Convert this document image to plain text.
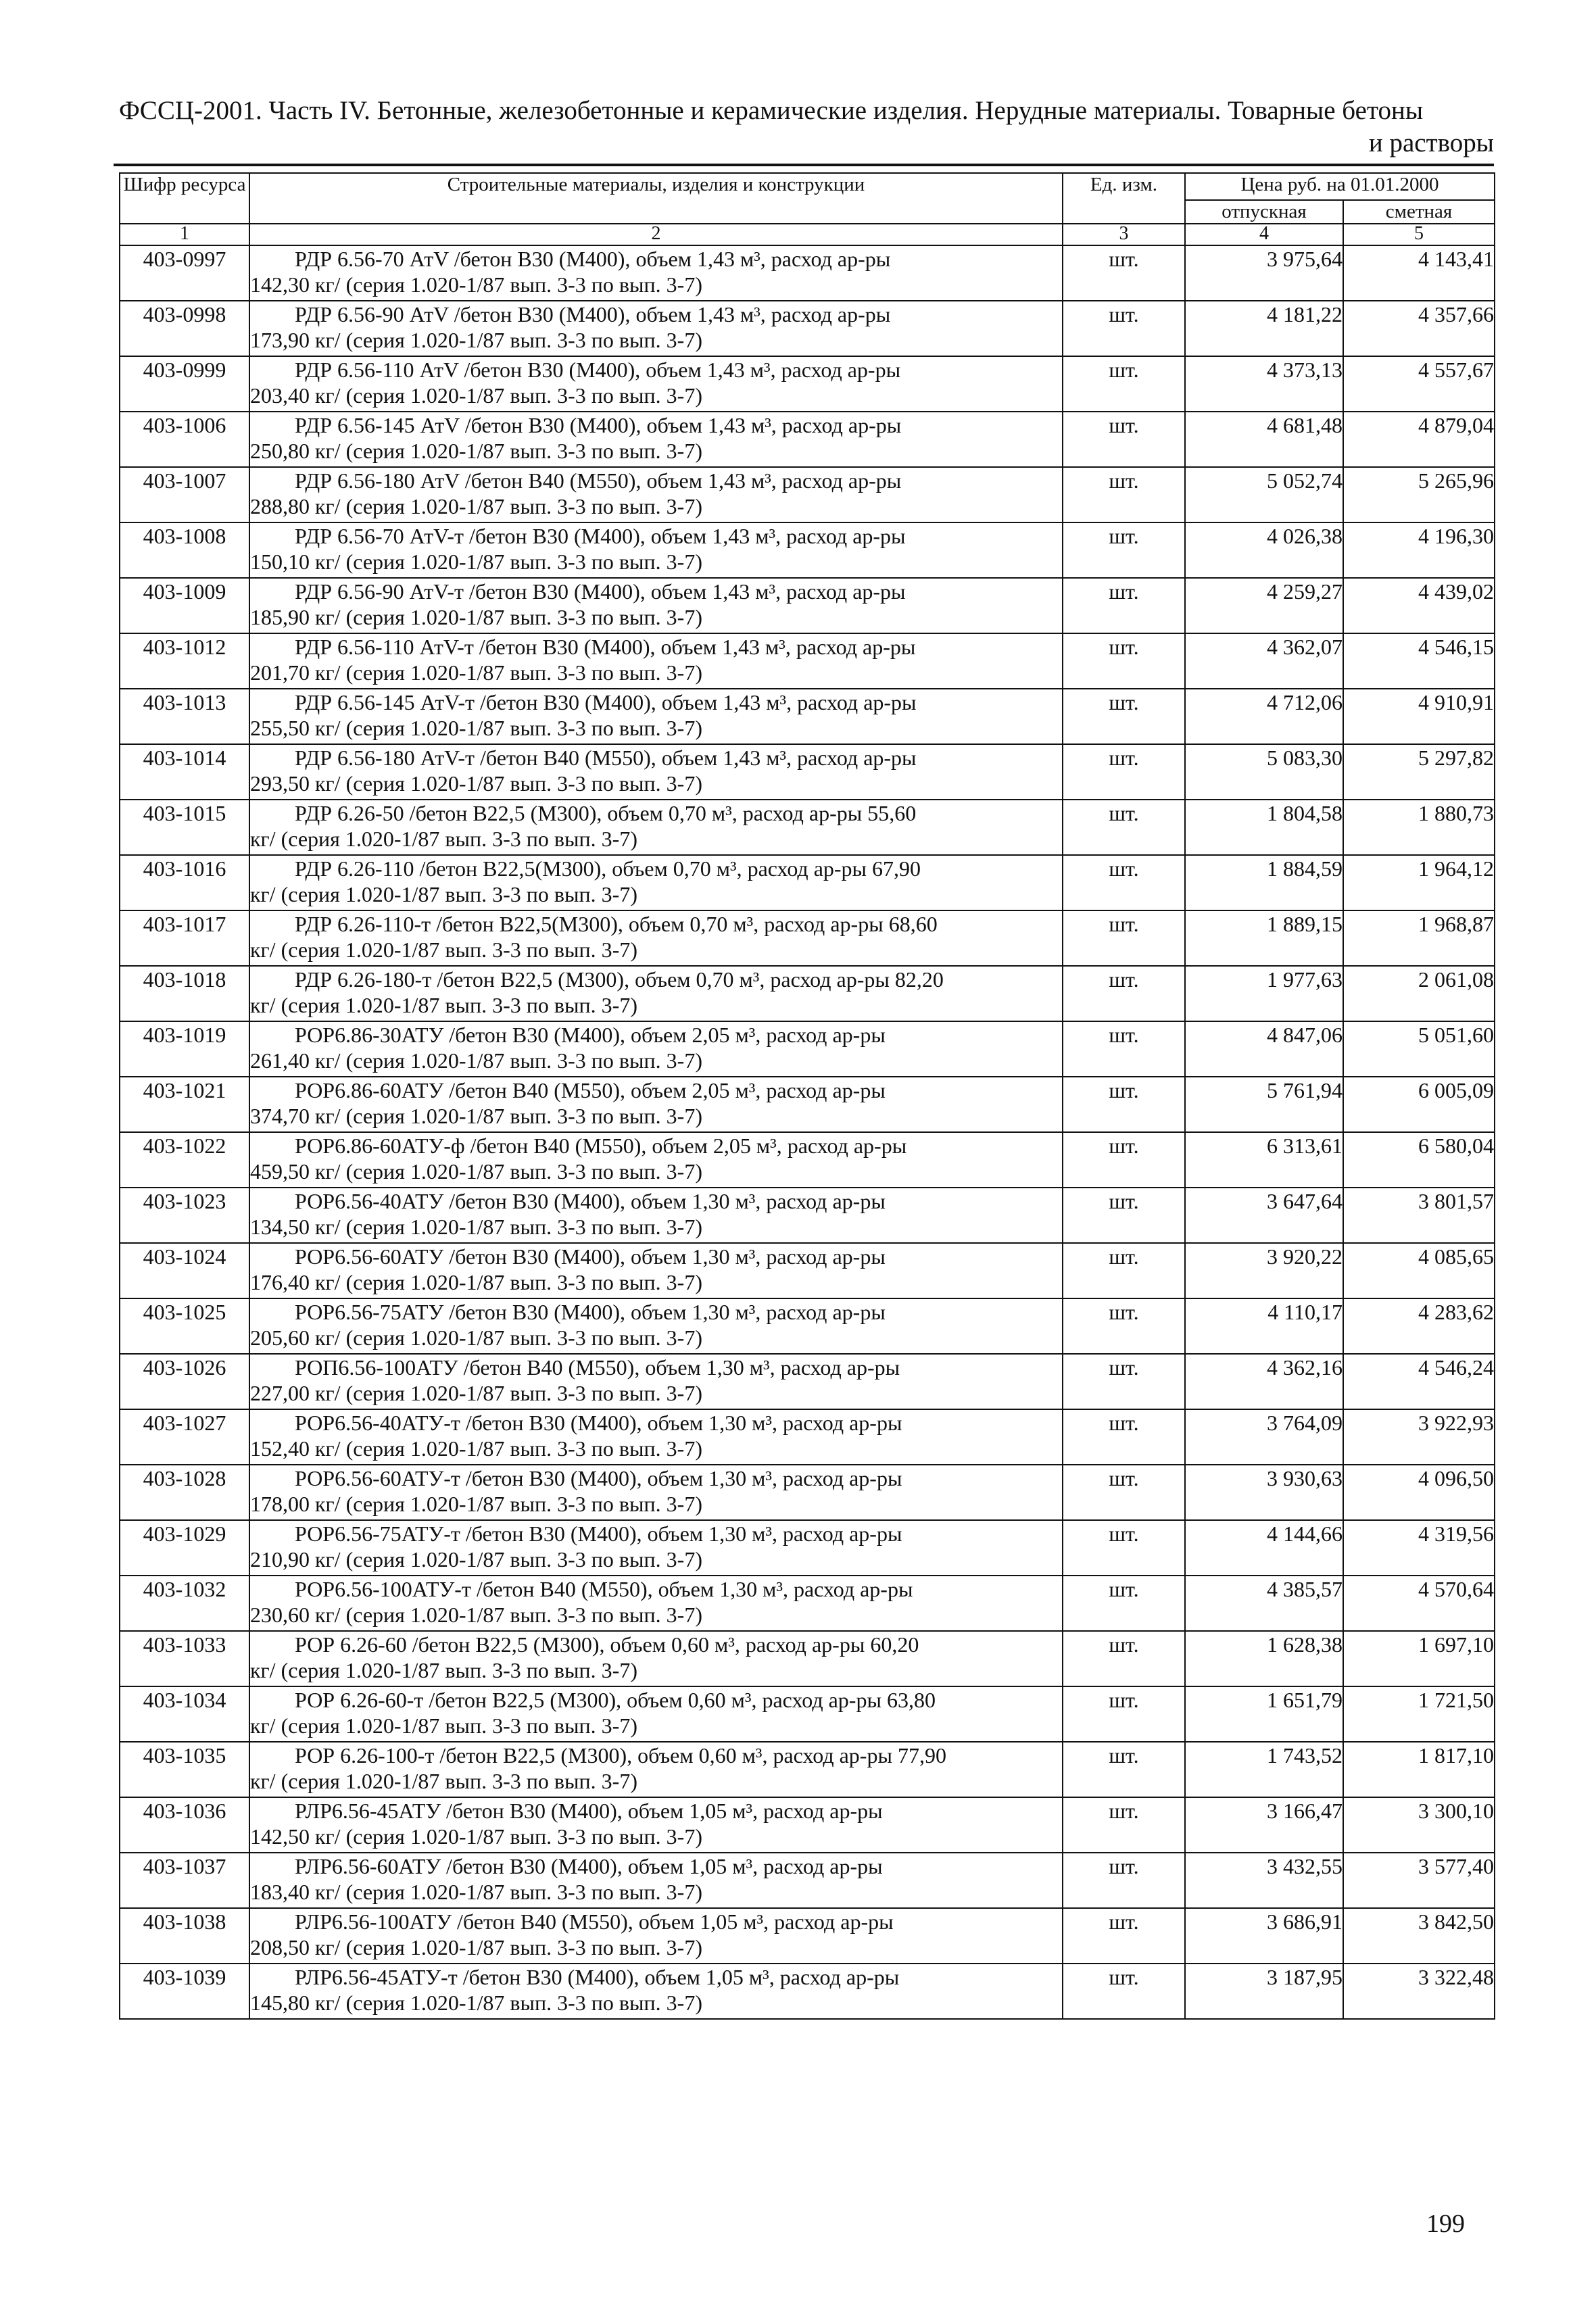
ФССЦ-2001. Часть IV. Бетонные, железобетонные и керамические изделия. Нерудные материалы. Товарные бетоны
и растворы
Шифр ресурса	Строительные материалы, изделия и конструкции	Ед. изм.	Цена руб. на 01.01.2000	
			отпускная	сметная
1	2	3	4	5
403-0997	РДР 6.56-70 АтV /бетон В30 (М400), объем 1,43 м³, расход ар-ры
142,30 кг/ (серия 1.020-1/87 вып. 3-3 по вып. 3-7)	шт.	3 975,64	4 143,41
403-0998	РДР 6.56-90 АтV /бетон В30 (М400), объем 1,43 м³, расход ар-ры
173,90 кг/ (серия 1.020-1/87 вып. 3-3 по вып. 3-7)	шт.	4 181,22	4 357,66
403-0999	РДР 6.56-110 АтV /бетон В30 (М400), объем 1,43 м³, расход ар-ры
203,40 кг/ (серия 1.020-1/87 вып. 3-3 по вып. 3-7)	шт.	4 373,13	4 557,67
403-1006	РДР 6.56-145 АтV /бетон В30 (М400), объем 1,43 м³, расход ар-ры
250,80 кг/ (серия 1.020-1/87 вып. 3-3 по вып. 3-7)	шт.	4 681,48	4 879,04
403-1007	РДР 6.56-180 АтV /бетон В40 (М550), объем 1,43 м³, расход ар-ры
288,80 кг/ (серия 1.020-1/87 вып. 3-3 по вып. 3-7)	шт.	5 052,74	5 265,96
403-1008	РДР 6.56-70 АтV-т /бетон В30 (М400), объем 1,43 м³, расход ар-ры
150,10 кг/ (серия 1.020-1/87 вып. 3-3 по вып. 3-7)	шт.	4 026,38	4 196,30
403-1009	РДР 6.56-90 АтV-т /бетон В30 (М400), объем 1,43 м³, расход ар-ры
185,90 кг/ (серия 1.020-1/87 вып. 3-3 по вып. 3-7)	шт.	4 259,27	4 439,02
403-1012	РДР 6.56-110 АтV-т /бетон В30 (М400), объем 1,43 м³, расход ар-ры
201,70 кг/ (серия 1.020-1/87 вып. 3-3 по вып. 3-7)	шт.	4 362,07	4 546,15
403-1013	РДР 6.56-145 АтV-т /бетон В30 (М400), объем 1,43 м³, расход ар-ры
255,50 кг/ (серия 1.020-1/87 вып. 3-3 по вып. 3-7)	шт.	4 712,06	4 910,91
403-1014	РДР 6.56-180 АтV-т /бетон В40 (М550), объем 1,43 м³, расход ар-ры
293,50 кг/ (серия 1.020-1/87 вып. 3-3 по вып. 3-7)	шт.	5 083,30	5 297,82
403-1015	РДР 6.26-50 /бетон В22,5 (М300), объем 0,70 м³, расход ар-ры 55,60
кг/ (серия 1.020-1/87 вып. 3-3 по вып. 3-7)	шт.	1 804,58	1 880,73
403-1016	РДР 6.26-110 /бетон В22,5(М300), объем 0,70 м³, расход ар-ры 67,90
кг/ (серия 1.020-1/87 вып. 3-3 по вып. 3-7)	шт.	1 884,59	1 964,12
403-1017	РДР 6.26-110-т /бетон В22,5(М300), объем 0,70 м³, расход ар-ры 68,60
кг/ (серия 1.020-1/87 вып. 3-3 по вып. 3-7)	шт.	1 889,15	1 968,87
403-1018	РДР 6.26-180-т /бетон В22,5 (М300), объем 0,70 м³, расход ар-ры 82,20
кг/ (серия 1.020-1/87 вып. 3-3 по вып. 3-7)	шт.	1 977,63	2 061,08
403-1019	РОР6.86-30АТУ /бетон В30 (М400), объем 2,05 м³, расход ар-ры
261,40 кг/ (серия 1.020-1/87 вып. 3-3 по вып. 3-7)	шт.	4 847,06	5 051,60
403-1021	РОР6.86-60АТУ /бетон В40 (М550), объем 2,05 м³, расход ар-ры
374,70 кг/ (серия 1.020-1/87 вып. 3-3 по вып. 3-7)	шт.	5 761,94	6 005,09
403-1022	РОР6.86-60АТУ-ф /бетон В40 (М550), объем 2,05 м³, расход ар-ры
459,50 кг/ (серия 1.020-1/87 вып. 3-3 по вып. 3-7)	шт.	6 313,61	6 580,04
403-1023	РОР6.56-40АТУ /бетон В30 (М400), объем 1,30 м³, расход ар-ры
134,50 кг/ (серия 1.020-1/87 вып. 3-3 по вып. 3-7)	шт.	3 647,64	3 801,57
403-1024	РОР6.56-60АТУ /бетон В30 (М400), объем 1,30 м³, расход ар-ры
176,40 кг/ (серия 1.020-1/87 вып. 3-3 по вып. 3-7)	шт.	3 920,22	4 085,65
403-1025	РОР6.56-75АТУ /бетон В30 (М400), объем 1,30 м³, расход ар-ры
205,60 кг/ (серия 1.020-1/87 вып. 3-3 по вып. 3-7)	шт.	4 110,17	4 283,62
403-1026	РОП6.56-100АТУ /бетон В40 (М550), объем 1,30 м³, расход ар-ры
227,00 кг/ (серия 1.020-1/87 вып. 3-3 по вып. 3-7)	шт.	4 362,16	4 546,24
403-1027	РОР6.56-40АТУ-т /бетон В30 (М400), объем 1,30 м³, расход ар-ры
152,40 кг/ (серия 1.020-1/87 вып. 3-3 по вып. 3-7)	шт.	3 764,09	3 922,93
403-1028	РОР6.56-60АТУ-т /бетон В30 (М400), объем 1,30 м³, расход ар-ры
178,00 кг/ (серия 1.020-1/87 вып. 3-3 по вып. 3-7)	шт.	3 930,63	4 096,50
403-1029	РОР6.56-75АТУ-т /бетон В30 (М400), объем 1,30 м³, расход ар-ры
210,90 кг/ (серия 1.020-1/87 вып. 3-3 по вып. 3-7)	шт.	4 144,66	4 319,56
403-1032	РОР6.56-100АТУ-т /бетон В40 (М550), объем 1,30 м³, расход ар-ры
230,60 кг/ (серия 1.020-1/87 вып. 3-3 по вып. 3-7)	шт.	4 385,57	4 570,64
403-1033	РОР 6.26-60 /бетон В22,5 (М300), объем 0,60 м³, расход ар-ры 60,20
кг/ (серия 1.020-1/87 вып. 3-3 по вып. 3-7)	шт.	1 628,38	1 697,10
403-1034	РОР 6.26-60-т /бетон В22,5 (М300), объем 0,60 м³, расход ар-ры 63,80
кг/ (серия 1.020-1/87 вып. 3-3 по вып. 3-7)	шт.	1 651,79	1 721,50
403-1035	РОР 6.26-100-т /бетон В22,5 (М300), объем 0,60 м³, расход ар-ры 77,90
кг/ (серия 1.020-1/87 вып. 3-3 по вып. 3-7)	шт.	1 743,52	1 817,10
403-1036	РЛР6.56-45АТУ /бетон В30 (М400), объем 1,05 м³, расход ар-ры
142,50 кг/ (серия 1.020-1/87 вып. 3-3 по вып. 3-7)	шт.	3 166,47	3 300,10
403-1037	РЛР6.56-60АТУ /бетон В30 (М400), объем 1,05 м³, расход ар-ры
183,40 кг/ (серия 1.020-1/87 вып. 3-3 по вып. 3-7)	шт.	3 432,55	3 577,40
403-1038	РЛР6.56-100АТУ /бетон В40 (М550), объем 1,05 м³, расход ар-ры
208,50 кг/ (серия 1.020-1/87 вып. 3-3 по вып. 3-7)	шт.	3 686,91	3 842,50
403-1039	РЛР6.56-45АТУ-т /бетон В30 (М400), объем 1,05 м³, расход ар-ры
145,80 кг/ (серия 1.020-1/87 вып. 3-3 по вып. 3-7)	шт.	3 187,95	3 322,48
199
